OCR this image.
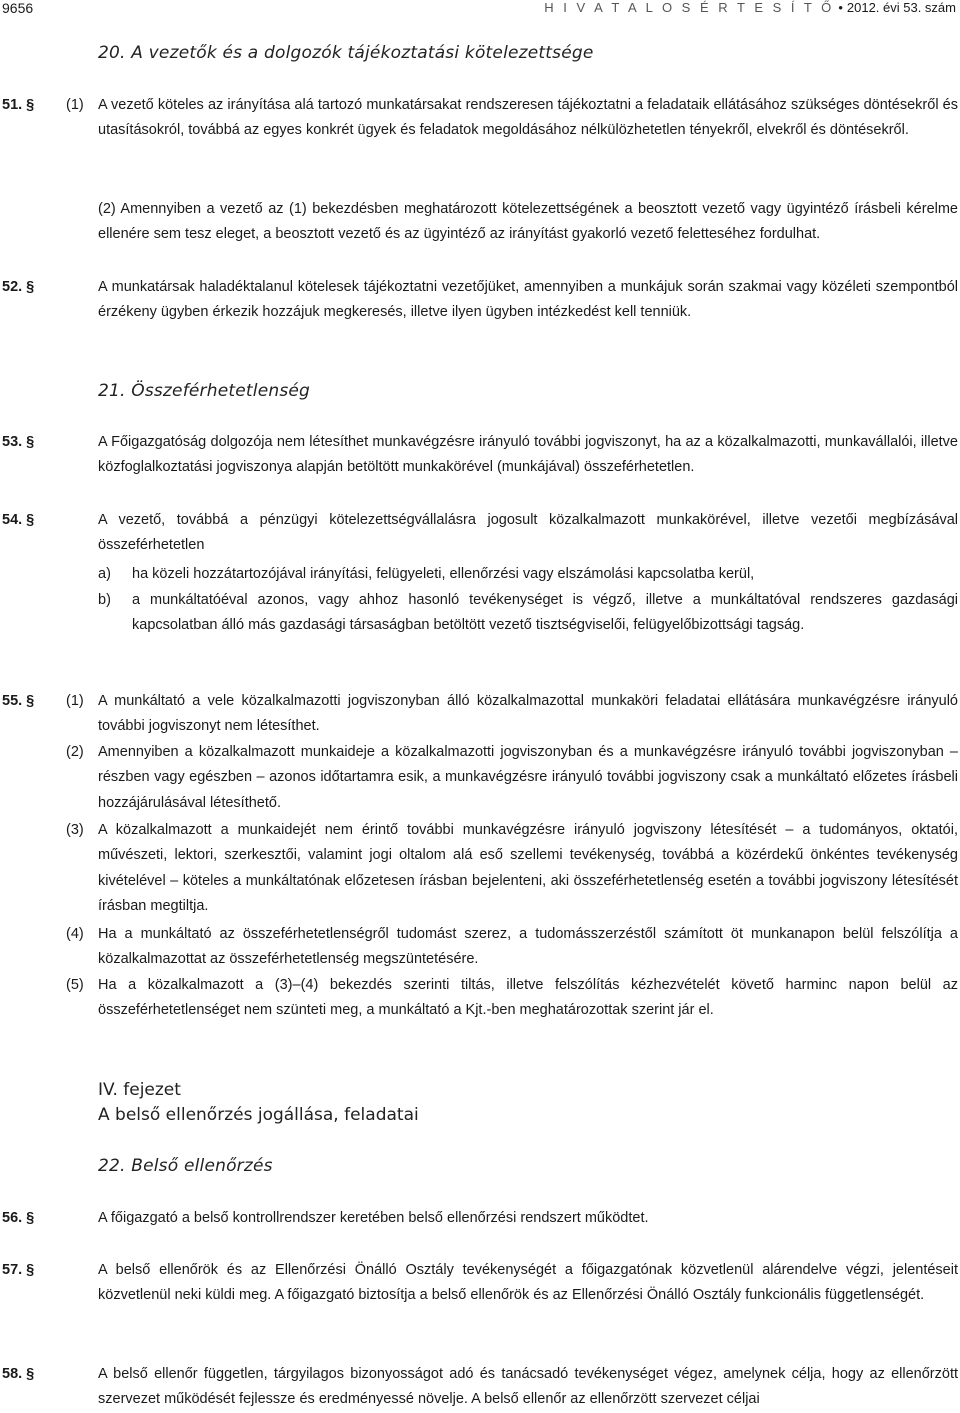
9656	H I V A T A L O S É R T E S Í T Ő • 2012. évi 53. szám
20. A vezetők és a dolgozók tájékoztatási kötelezettsége
51. § (1) A vezető köteles az irányítása alá tartozó munkatársakat rendszeresen tájékoztatni a feladataik ellátásához szükséges döntésekről és utasításokról, továbbá az egyes konkrét ügyek és feladatok megoldásához nélkülözhetetlen tényekről, elvekről és döntésekről.
(2) Amennyiben a vezető az (1) bekezdésben meghatározott kötelezettségének a beosztott vezető vagy ügyintéző írásbeli kérelme ellenére sem tesz eleget, a beosztott vezető és az ügyintéző az irányítást gyakorló vezető feletteséhez fordulhat.
52. §	A munkatársak haladéktalanul kötelesek tájékoztatni vezetőjüket, amennyiben a munkájuk során szakmai vagy közéleti szempontból érzékeny ügyben érkezik hozzájuk megkeresés, illetve ilyen ügyben intézkedést kell tenniük.
21. Összeférhetetlenség
53. §	A Főigazgatóság dolgozója nem létesíthet munkavégzésre irányuló további jogviszonyt, ha az a közalkalmazotti, munkavállalói, illetve közfoglalkoztatási jogviszonya alapján betöltött munkakörével (munkájával) összeférhetetlen.
54. §	A vezető, továbbá a pénzügyi kötelezettségvállalásra jogosult közalkalmazott munkakörével, illetve vezetői megbízásával összeférhetetlen
a) ha közeli hozzátartozójával irányítási, felügyeleti, ellenőrzési vagy elszámolási kapcsolatba kerül,
b) a munkáltatóéval azonos, vagy ahhoz hasonló tevékenységet is végző, illetve a munkáltatóval rendszeres gazdasági kapcsolatban álló más gazdasági társaságban betöltött vezető tisztségviselői, felügyelőbizottsági tagság.
55. § (1) A munkáltató a vele közalkalmazotti jogviszonyban álló közalkalmazottal munkaköri feladatai ellátására munkavégzésre irányuló további jogviszonyt nem létesíthet.
(2) Amennyiben a közalkalmazott munkaideje a közalkalmazotti jogviszonyban és a munkavégzésre irányuló további jogviszonyban – részben vagy egészben – azonos időtartamra esik, a munkavégzésre irányuló további jogviszony csak a munkáltató előzetes írásbeli hozzájárulásával létesíthető.
(3) A közalkalmazott a munkaidejét nem érintő további munkavégzésre irányuló jogviszony létesítését – a tudományos, oktatói, művészeti, lektori, szerkesztői, valamint jogi oltalom alá eső szellemi tevékenység, továbbá a közérdekű önkéntes tevékenység kivételével – köteles a munkáltatónak előzetesen írásban bejelenteni, aki összeférhetetlenség esetén a további jogviszony létesítését írásban megtiltja.
(4) Ha a munkáltató az összeférhetetlenségről tudomást szerez, a tudomásszerzéstől számított öt munkanapon belül felszólítja a közalkalmazottat az összeférhetetlenség megszüntetésére.
(5) Ha a közalkalmazott a (3)–(4) bekezdés szerinti tiltás, illetve felszólítás kézhezvételét követő harminc napon belül az összeférhetetlenséget nem szünteti meg, a munkáltató a Kjt.-ben meghatározottak szerint jár el.
IV. fejezet
A belső ellenőrzés jogállása, feladatai
22. Belső ellenőrzés
56. §	A főigazgató a belső kontrollrendszer keretében belső ellenőrzési rendszert működtet.
57. §	A belső ellenőrök és az Ellenőrzési Önálló Osztály tevékenységét a főigazgatónak közvetlenül alárendelve végzi, jelentéseit közvetlenül neki küldi meg. A főigazgató biztosítja a belső ellenőrök és az Ellenőrzési Önálló Osztály funkcionális függetlenségét.
58. §	A belső ellenőr független, tárgyilagos bizonyosságot adó és tanácsadó tevékenységet végez, amelynek célja, hogy az ellenőrzött szervezet működését fejlessze és eredményessé növelje. A belső ellenőr az ellenőrzött szervezet céljai
